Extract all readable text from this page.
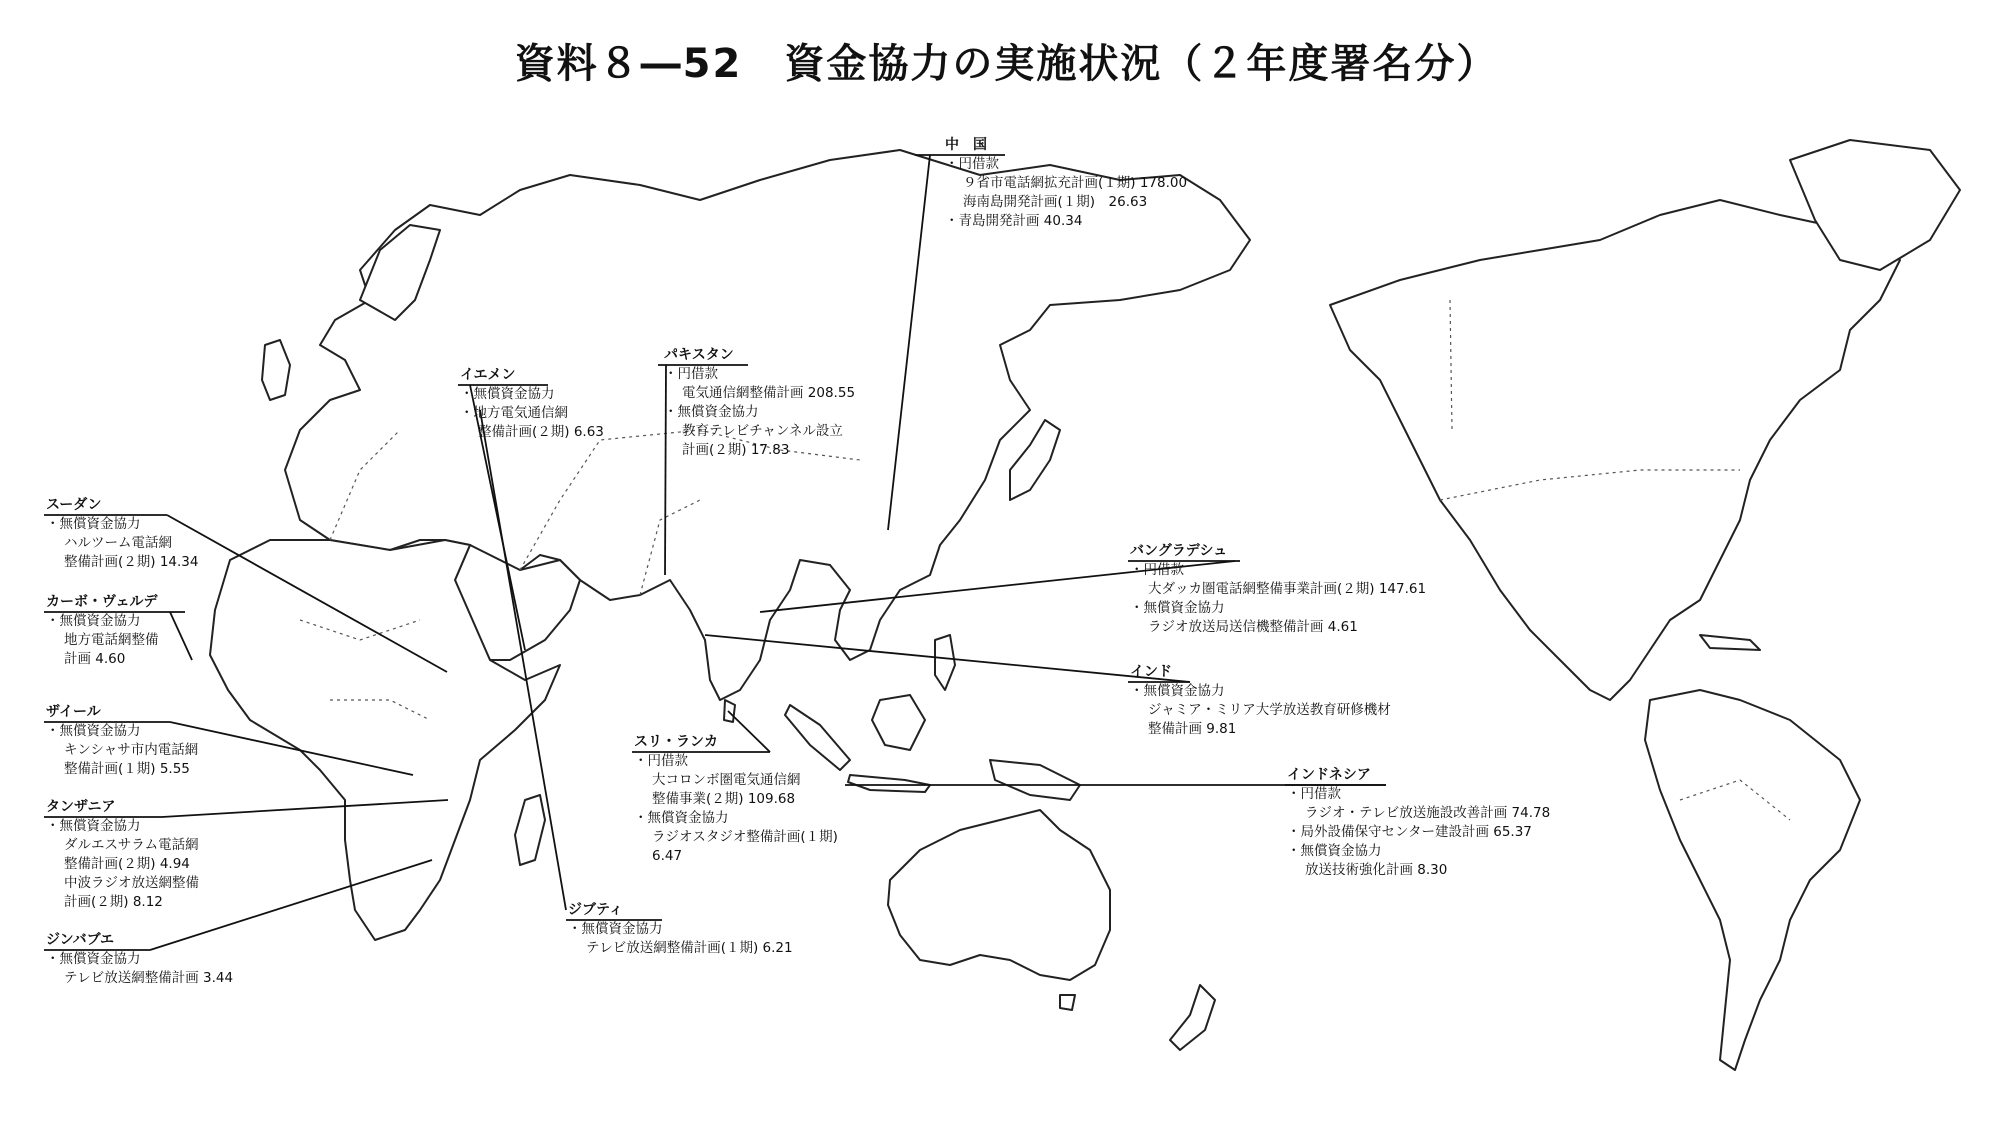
資料８―52　資金協力の実施状況（２年度署名分）
中　国
・円借款
９省市電話網拡充計画(１期) 178.00
海南島開発計画(１期)　26.63
・青島開発計画 40.34
パキスタン
・円借款
電気通信網整備計画 208.55
・無償資金協力
教育テレビチャンネル設立
計画(２期) 17.83
イエメン
・無償資金協力
・地方電気通信網
整備計画(２期) 6.63
スーダン
・無償資金協力
ハルツーム電話網
整備計画(２期) 14.34
カーボ・ヴェルデ
・無償資金協力
地方電話網整備
計画 4.60
ザイール
・無償資金協力
キンシャサ市内電話網
整備計画(１期) 5.55
タンザニア
・無償資金協力
ダルエスサラム電話網
整備計画(２期) 4.94
中波ラジオ放送網整備
計画(２期) 8.12
ジンバブエ
・無償資金協力
テレビ放送網整備計画 3.44
ジブティ
・無償資金協力
テレビ放送網整備計画(１期) 6.21
スリ・ランカ
・円借款
大コロンボ圏電気通信網
整備事業(２期) 109.68
・無償資金協力
ラジオスタジオ整備計画(１期)
6.47
バングラデシュ
・円借款
大ダッカ圏電話網整備事業計画(２期) 147.61
・無償資金協力
ラジオ放送局送信機整備計画 4.61
インド
・無償資金協力
ジャミア・ミリア大学放送教育研修機材
整備計画 9.81
インドネシア
・円借款
ラジオ・テレビ放送施設改善計画 74.78
・局外設備保守センター建設計画 65.37
・無償資金協力
放送技術強化計画 8.30
